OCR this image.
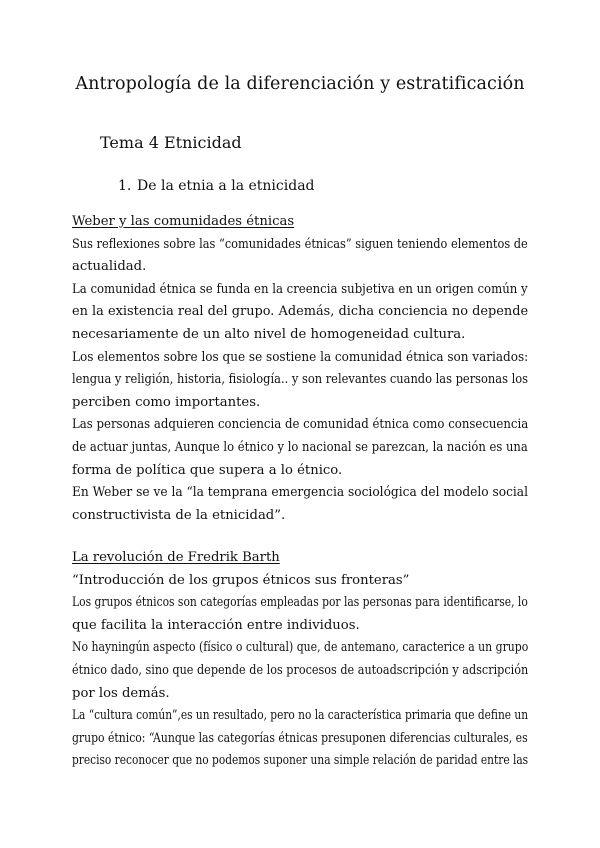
Antropología de la diferenciación y estratificación
Tema 4 Etnicidad
1. De la etnia a la etnicidad
Weber y las comunidades étnicas
Sus reflexiones sobre las “comunidades étnicas” siguen teniendo elementos de
actualidad.
La comunidad étnica se funda en la creencia subjetiva en un origen común y
en la existencia real del grupo. Además, dicha conciencia no depende
necesariamente de un alto nivel de homogeneidad cultura.
Los elementos sobre los que se sostiene la comunidad étnica son variados:
lengua y religión, historia, fisiología.. y son relevantes cuando las personas los
perciben como importantes.
Las personas adquieren conciencia de comunidad étnica como consecuencia
de actuar juntas, Aunque lo étnico y lo nacional se parezcan, la nación es una
forma de política que supera a lo étnico.
En Weber se ve la “la temprana emergencia sociológica del modelo social
constructivista de la etnicidad”.
La revolución de Fredrik Barth
“Introducción de los grupos étnicos sus fronteras”
Los grupos étnicos son categorías empleadas por las personas para identificarse, lo
que facilita la interacción entre individuos.
No hayningún aspecto (físico o cultural) que, de antemano, caracterice a un grupo
étnico dado, sino que depende de los procesos de autoadscripción y adscripción
por los demás.
La “cultura común”,es un resultado, pero no la característica primaria que define un
grupo étnico: “Aunque las categorías étnicas presuponen diferencias culturales, es
preciso reconocer que no podemos suponer una simple relación de paridad entre las
